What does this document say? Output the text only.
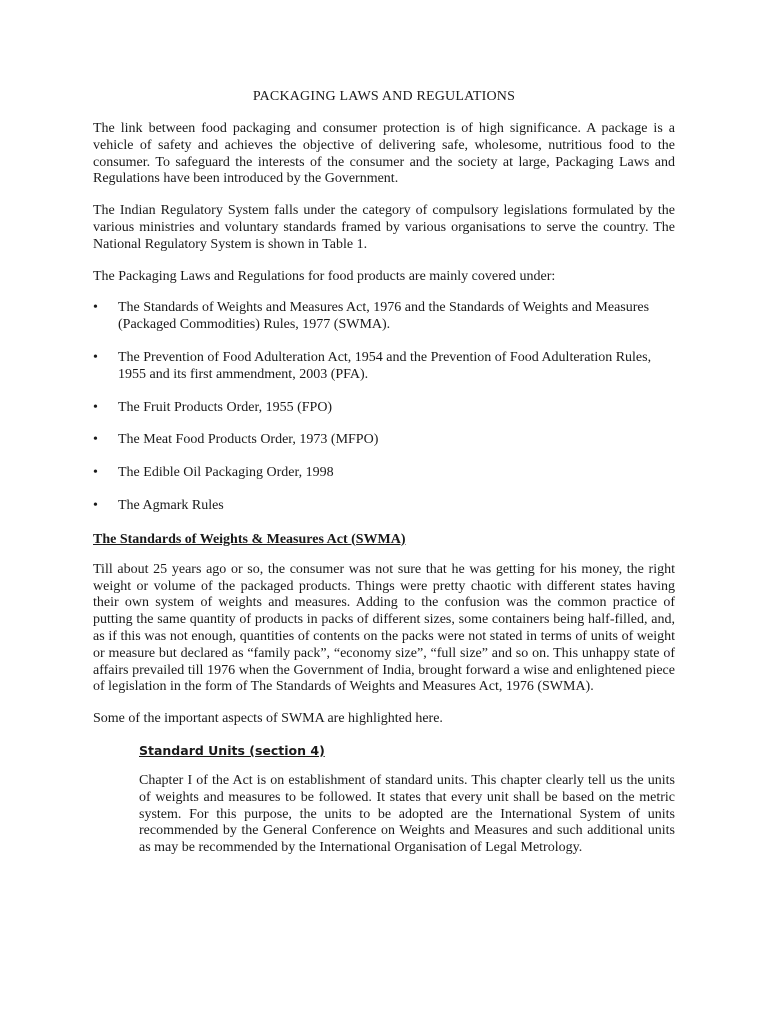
PACKAGING LAWS AND REGULATIONS

The link between food packaging and consumer protection is of high significance. A package is a vehicle of safety and achieves the objective of delivering safe, wholesome, nutritious food to the consumer. To safeguard the interests of the consumer and the society at large, Packaging Laws and Regulations have been introduced by the Government.

The Indian Regulatory System falls under the category of compulsory legislations formulated by the various ministries and voluntary standards framed by various organisations to serve the country. The National Regulatory System is shown in Table 1.

The Packaging Laws and Regulations for food products are mainly covered under:

• The Standards of Weights and Measures Act, 1976 and the Standards of Weights and Measures (Packaged Commodities) Rules, 1977 (SWMA).
• The Prevention of Food Adulteration Act, 1954 and the Prevention of Food Adulteration Rules, 1955 and its first ammendment, 2003 (PFA).
• The Fruit Products Order, 1955 (FPO)
• The Meat Food Products Order, 1973 (MFPO)
• The Edible Oil Packaging Order, 1998
• The Agmark Rules
The Standards of Weights & Measures Act (SWMA)

Till about 25 years ago or so, the consumer was not sure that he was getting for his money, the right weight or volume of the packaged products. Things were pretty chaotic with different states having their own system of weights and measures. Adding to the confusion was the common practice of putting the same quantity of products in packs of different sizes, some containers being half-filled, and, as if this was not enough, quantities of contents on the packs were not stated in terms of units of weight or measure but declared as “family pack”, “economy size”, “full size” and so on. This unhappy state of affairs prevailed till 1976 when the Government of India, brought forward a wise and enlightened piece of legislation in the form of The Standards of Weights and Measures Act, 1976 (SWMA).

Some of the important aspects of SWMA are highlighted here.

Standard Units (section 4)

Chapter I of the Act is on establishment of standard units. This chapter clearly tell us the units of weights and measures to be followed. It states that every unit shall be based on the metric system. For this purpose, the units to be adopted are the International System of units recommended by the General Conference on Weights and Measures and such additional units as may be recommended by the International Organisation of Legal Metrology.
